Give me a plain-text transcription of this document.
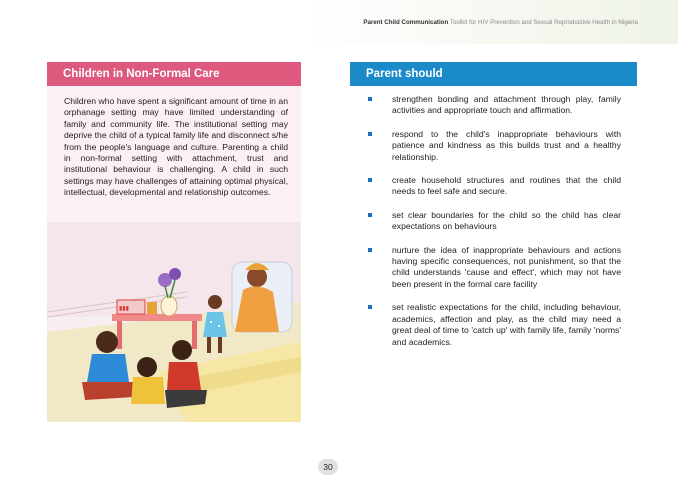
Parent Child Communication Toolkit for HIV Prevention and Sexual Reproductive Health in Nigeria
Children in Non-Formal Care

Children who have spent a significant amount of time in an orphanage setting may have limited understanding of family and community life. The institutional setting may deprive the child of a typical family life and disconnect s/he from the people's language and culture. Parenting a child in non-formal setting with attachment, trust and institutional behaviour is challenging. A child in such settings may have challenges of attaining optimal physical, intellectual, developmental and relationship outcomes.

▮▮▮
Parent should
strengthen bonding and attachment through play, family activities and appropriate touch and affirmation.
respond to the child's inappropriate behaviours with patience and kindness as this builds trust and a healthy relationship.
create household structures and routines that the child needs to feel safe and secure.
set clear boundaries for the child so the child has clear expectations on behaviours
nurture the idea of inappropriate behaviours and actions having specific consequences, not punishment, so that the child understands 'cause and effect', which may not have been present in the formal care facility
set realistic expectations for the child, including behaviour, academics, affection and play, as the child may need a great deal of time to 'catch up' with family life, family 'norms' and academics.
30
